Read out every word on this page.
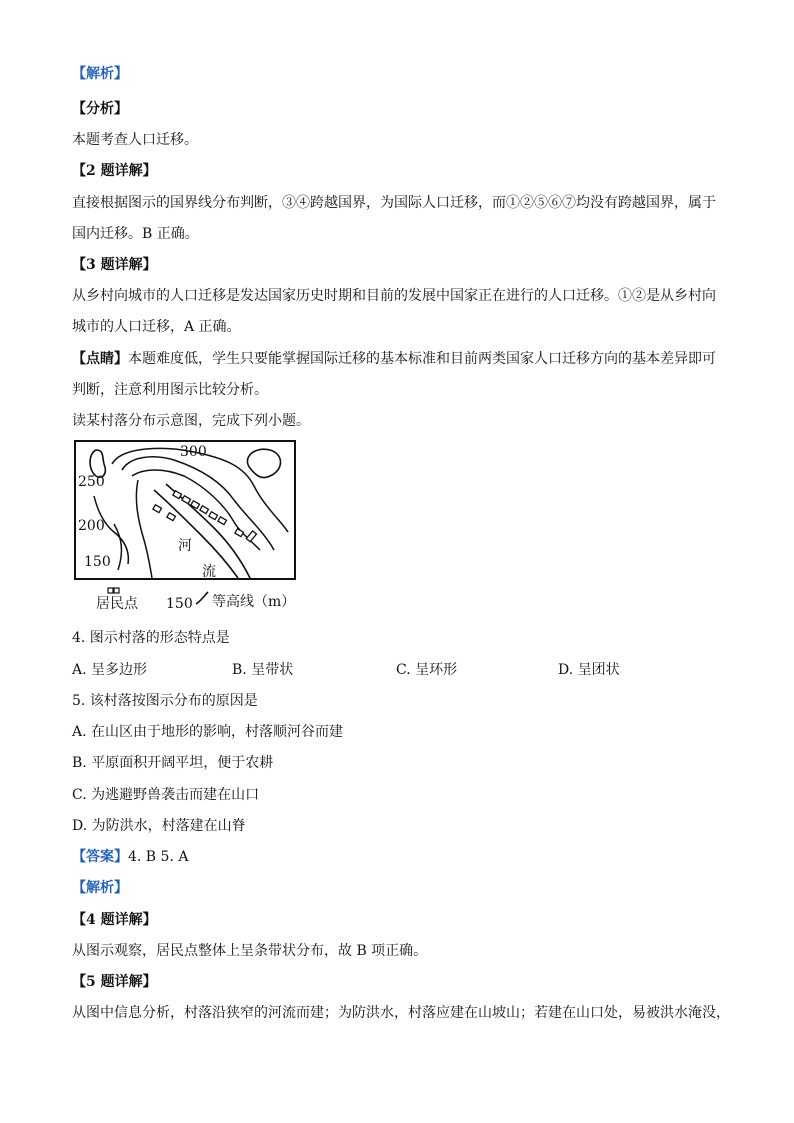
【解析】
【分析】
本题考查人口迁移。
【2 题详解】
直接根据图示的国界线分布判断，③④跨越国界，为国际人口迁移，而①②⑤⑥⑦均没有跨越国界，属于
国内迁移。B 正确。
【3 题详解】
从乡村向城市的人口迁移是发达国家历史时期和目前的发展中国家正在进行的人口迁移。①②是从乡村向
城市的人口迁移，A 正确。
【点睛】本题难度低，学生只要能掌握国际迁移的基本标准和目前两类国家人口迁移方向的基本差异即可
判断，注意利用图示比较分析。
读某村落分布示意图，完成下列小题。
300
250
200
150
河
流
居民点 150 等高线（m）
4. 图示村落的形态特点是
A. 呈多边形	B. 呈带状	C. 呈环形	D. 呈团状
5. 该村落按图示分布的原因是
A. 在山区由于地形的影响，村落顺河谷而建
B. 平原面积开阔平坦，便于农耕
C. 为逃避野兽袭击而建在山口
D. 为防洪水，村落建在山脊
【答案】4. B 5. A
【解析】
【4 题详解】
从图示观察，居民点整体上呈条带状分布，故 B 项正确。
【5 题详解】
从图中信息分析，村落沿狭窄的河流而建；为防洪水，村落应建在山坡山；若建在山口处，易被洪水淹没，
